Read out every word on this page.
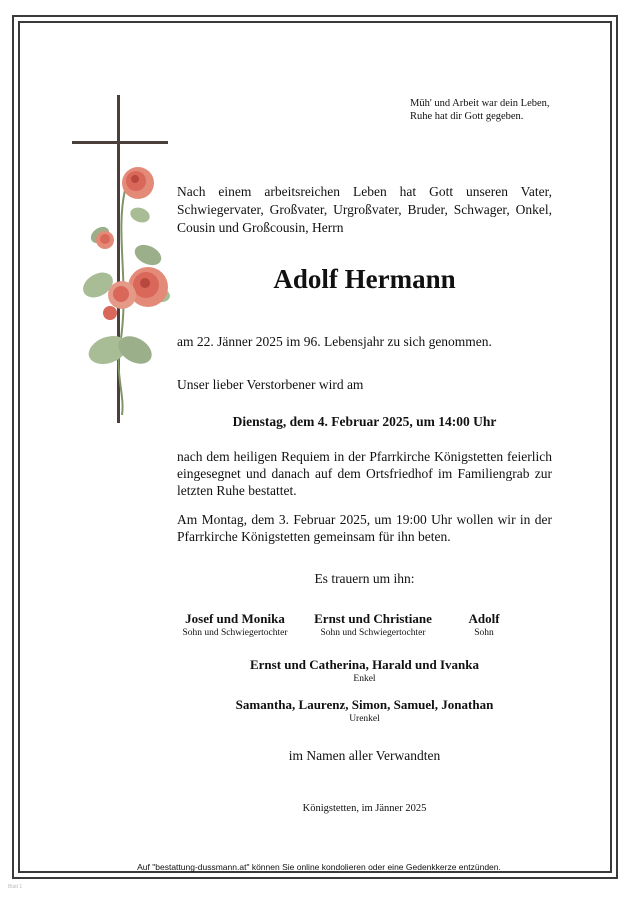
Müh' und Arbeit war dein Leben,
Ruhe hat dir Gott gegeben.
Nach einem arbeitsreichen Leben hat Gott unseren Vater, Schwiegervater, Großvater, Urgroßvater, Bruder, Schwager, Onkel, Cousin und Großcousin, Herrn
Adolf Hermann
am 22. Jänner 2025 im 96. Lebensjahr zu sich genommen.
Unser lieber Verstorbener wird am
Dienstag, dem 4. Februar 2025, um 14:00 Uhr
nach dem heiligen Requiem in der Pfarrkirche Königstetten feierlich eingesegnet und danach auf dem Ortsfriedhof im Familiengrab zur letzten Ruhe bestattet.
Am Montag, dem 3. Februar 2025, um 19:00 Uhr wollen wir in der Pfarrkirche Königstetten gemeinsam für ihn beten.
Es trauern um ihn:
Josef und Monika
Sohn und Schwiegertochter
Ernst und Christiane
Sohn und Schwiegertochter
Adolf
Sohn
Ernst und Catherina, Harald und Ivanka
Enkel
Samantha, Laurenz, Simon, Samuel, Jonathan
Urenkel
im Namen aller Verwandten
Königstetten, im Jänner 2025
Auf "bestattung-dussmann.at" können Sie online kondolieren oder eine Gedenkkerze entzünden.
Blatt 1
